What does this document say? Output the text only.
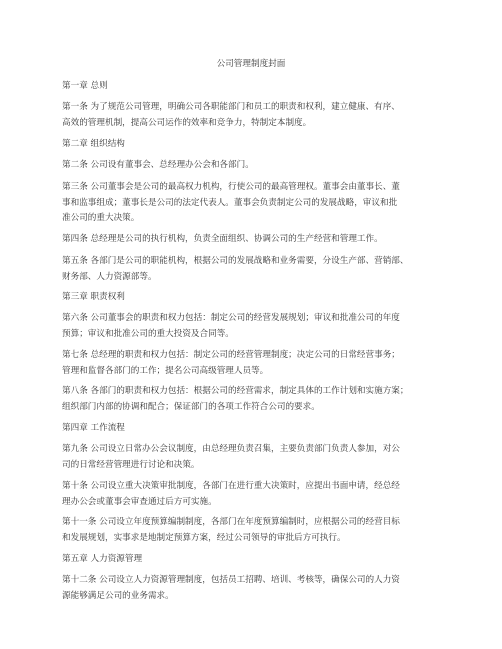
公司管理制度封面
第一章 总则
第一条 为了规范公司管理，明确公司各职能部门和员工的职责和权利，建立健康、有序、
高效的管理机制，提高公司运作的效率和竞争力，特制定本制度。
第二章 组织结构
第二条 公司设有董事会、总经理办公会和各部门。
第三条 公司董事会是公司的最高权力机构，行使公司的最高管理权。董事会由董事长、董
事和监事组成；董事长是公司的法定代表人。董事会负责制定公司的发展战略，审议和批
准公司的重大决策。
第四条 总经理是公司的执行机构，负责全面组织、协调公司的生产经营和管理工作。
第五条 各部门是公司的职能机构，根据公司的发展战略和业务需要，分设生产部、营销部、
财务部、人力资源部等。
第三章 职责权利
第六条 公司董事会的职责和权力包括：制定公司的经营发展规划；审议和批准公司的年度
预算；审议和批准公司的重大投资及合同等。
第七条 总经理的职责和权力包括：制定公司的经营管理制度；决定公司的日常经营事务；
管理和监督各部门的工作；提名公司高级管理人员等。
第八条 各部门的职责和权力包括：根据公司的经营需求，制定具体的工作计划和实施方案；
组织部门内部的协调和配合；保证部门的各项工作符合公司的要求。
第四章 工作流程
第九条 公司设立日常办公会议制度，由总经理负责召集，主要负责部门负责人参加，对公
司的日常经营管理进行讨论和决策。
第十条 公司设立重大决策审批制度，各部门在进行重大决策时，应提出书面申请，经总经
理办公会或董事会审查通过后方可实施。
第十一条 公司设立年度预算编制制度，各部门在年度预算编制时，应根据公司的经营目标
和发展规划，实事求是地制定预算方案，经过公司领导的审批后方可执行。
第五章 人力资源管理
第十二条 公司设立人力资源管理制度，包括员工招聘、培训、考核等，确保公司的人力资
源能够满足公司的业务需求。
